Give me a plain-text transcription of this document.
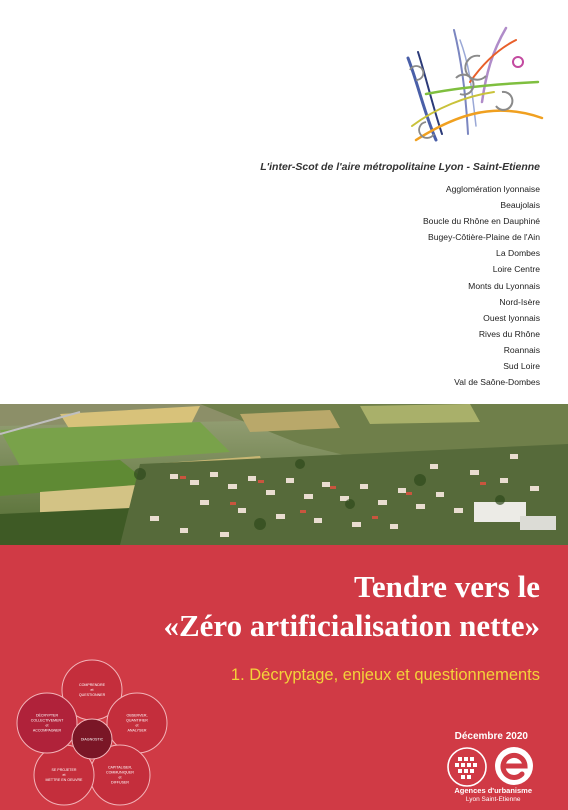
L'inter-Scot de l'aire métropolitaine Lyon - Saint-Etienne
Agglomération lyonnaise
Beaujolais
Boucle du Rhône en Dauphiné
Bugey-Côtière-Plaine de l'Ain
La Dombes
Loire Centre
Monts du Lyonnais
Nord-Isère
Ouest lyonnais
Rives du Rhône
Roannais
Sud Loire
Val de Saône-Dombes
Tendre vers le
«Zéro artificialisation nette»
1. Décryptage, enjeux et questionnements
COMPRENDRE et QUESTIONNER
OBSERVER, QUANTIFIER et ANALYSER
CAPITALISER, COMMUNIQUER et DIFFUSER
SE PROJETER et METTRE EN OEUVRE
DÉCRYPTER COLLECTIVEMENT et ACCOMPAGNER
DIAGNOSTIC	Décembre 2020
Agences d'urbanisme
Lyon Saint-Etienne
